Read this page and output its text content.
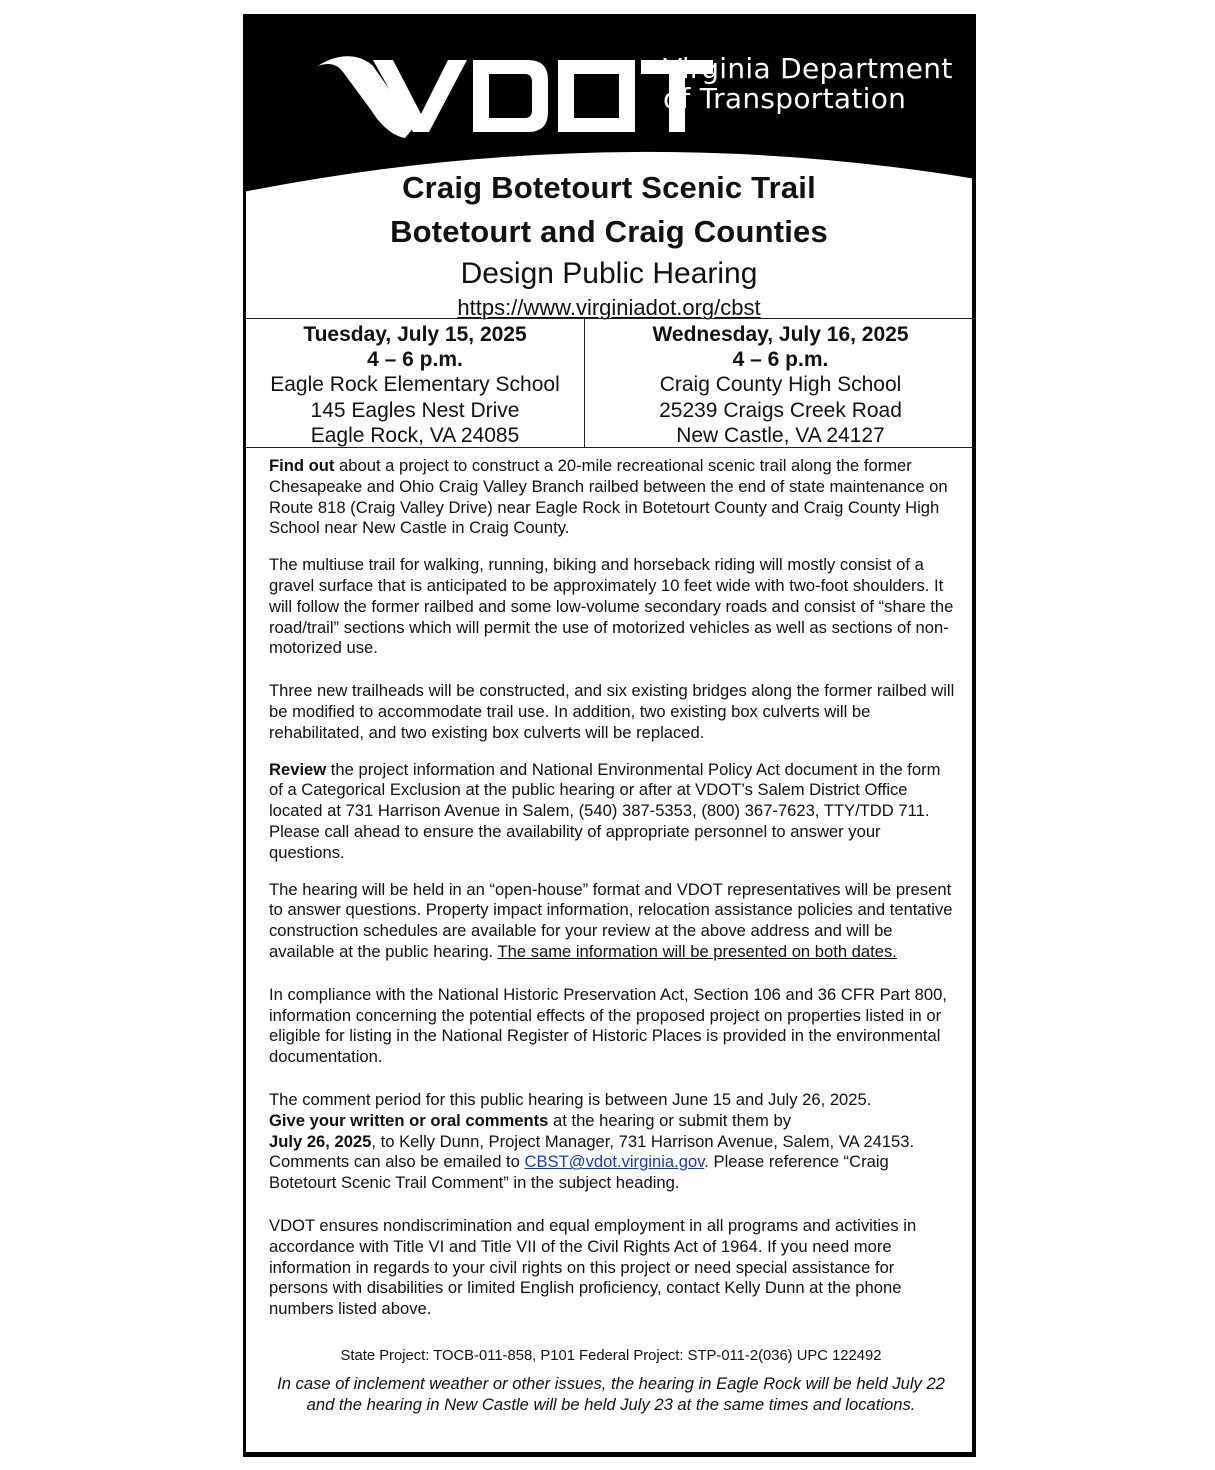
Virginia Department
of Transportation
Craig Botetourt Scenic Trail
Botetourt and Craig Counties
Design Public Hearing
https://www.virginiadot.org/cbst
Tuesday, July 15, 2025
4 – 6 p.m.
Eagle Rock Elementary School
145 Eagles Nest Drive
Eagle Rock, VA 24085
Wednesday, July 16, 2025
4 – 6 p.m.
Craig County High School
25239 Craigs Creek Road
New Castle, VA 24127

Find out about a project to construct a 20-mile recreational scenic trail along the former Chesapeake and Ohio Craig Valley Branch railbed between the end of state maintenance on Route 818 (Craig Valley Drive) near Eagle Rock in Botetourt County and Craig County High School near New Castle in Craig County.

The multiuse trail for walking, running, biking and horseback riding will mostly consist of a gravel surface that is anticipated to be approximately 10 feet wide with two-foot shoulders. It will follow the former railbed and some low-volume secondary roads and consist of “share the road/trail” sections which will permit the use of motorized vehicles as well as sections of non-motorized use.

Three new trailheads will be constructed, and six existing bridges along the former railbed will be modified to accommodate trail use. In addition, two existing box culverts will be rehabilitated, and two existing box culverts will be replaced.

Review the project information and National Environmental Policy Act document in the form of a Categorical Exclusion at the public hearing or after at VDOT’s Salem District Office located at 731 Harrison Avenue in Salem, (540) 387-5353, (800) 367-7623, TTY/TDD 711. Please call ahead to ensure the availability of appropriate personnel to answer your questions.

The hearing will be held in an “open-house” format and VDOT representatives will be present to answer questions. Property impact information, relocation assistance policies and tentative construction schedules are available for your review at the above address and will be available at the public hearing. The same information will be presented on both dates.

In compliance with the National Historic Preservation Act, Section 106 and 36 CFR Part 800, information concerning the potential effects of the proposed project on properties listed in or eligible for listing in the National Register of Historic Places is provided in the environmental documentation.

The comment period for this public hearing is between June 15 and July 26, 2025.
Give your written or oral comments at the hearing or submit them by
July 26, 2025, to Kelly Dunn, Project Manager, 731 Harrison Avenue, Salem, VA 24153. Comments can also be emailed to CBST@vdot.virginia.gov. Please reference “Craig Botetourt Scenic Trail Comment” in the subject heading.

VDOT ensures nondiscrimination and equal employment in all programs and activities in accordance with Title VI and Title VII of the Civil Rights Act of 1964. If you need more information in regards to your civil rights on this project or need special assistance for persons with disabilities or limited English proficiency, contact Kelly Dunn at the phone numbers listed above.

State Project: TOCB-011-858, P101 Federal Project: STP-011-2(036) UPC 122492
In case of inclement weather or other issues, the hearing in Eagle Rock will be held July 22 and the hearing in New Castle will be held July 23 at the same times and locations.
